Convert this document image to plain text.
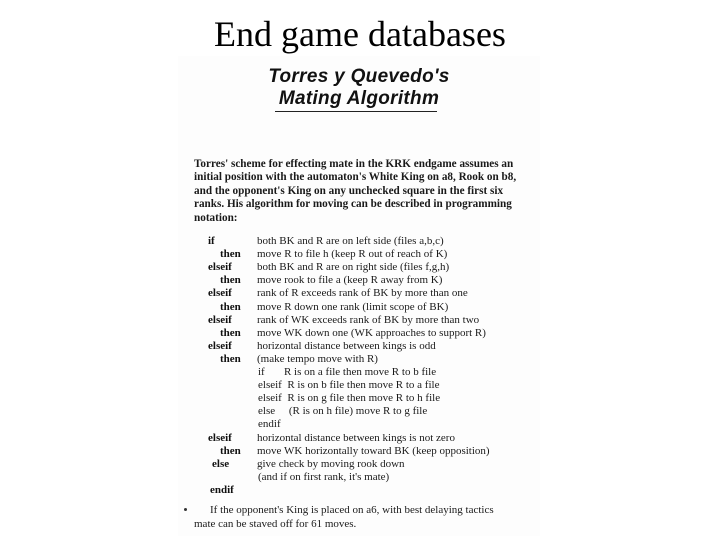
End game databases
Torres y Quevedo's
Mating Algorithm
Torres' scheme for effecting mate in the KRK endgame assumes an
initial position with the automaton's White King on a8, Rook on b8,
and the opponent's King on any unchecked square in the first six
ranks. His algorithm for moving can be described in programming
notation:
if	both BK and R are on left side (files a,b,c)
then move R to file h (keep R out of reach of K)
elseif both BK and R are on right side (files f,g,h)
then move rook to file a (keep R away from K)
elseif rank of R exceeds rank of BK by more than one
then move R down one rank (limit scope of BK)
elseif rank of WK exceeds rank of BK by more than two
then move WK down one (WK approaches to support R)
elseif horizontal distance between kings is odd
then (make tempo move with R)
if       R is on a file then move R to b file
elseif  R is on b file then move R to a file
elseif  R is on g file then move R to h file
else     (R is on h file) move R to g file
endif
elseif horizontal distance between kings is not zero
then move WK horizontally toward BK (keep opposition)
else	give check by moving rook down
(and if on first rank, it's mate)
endif
If the opponent's King is placed on a6, with best delaying tactics
mate can be staved off for 61 moves.
